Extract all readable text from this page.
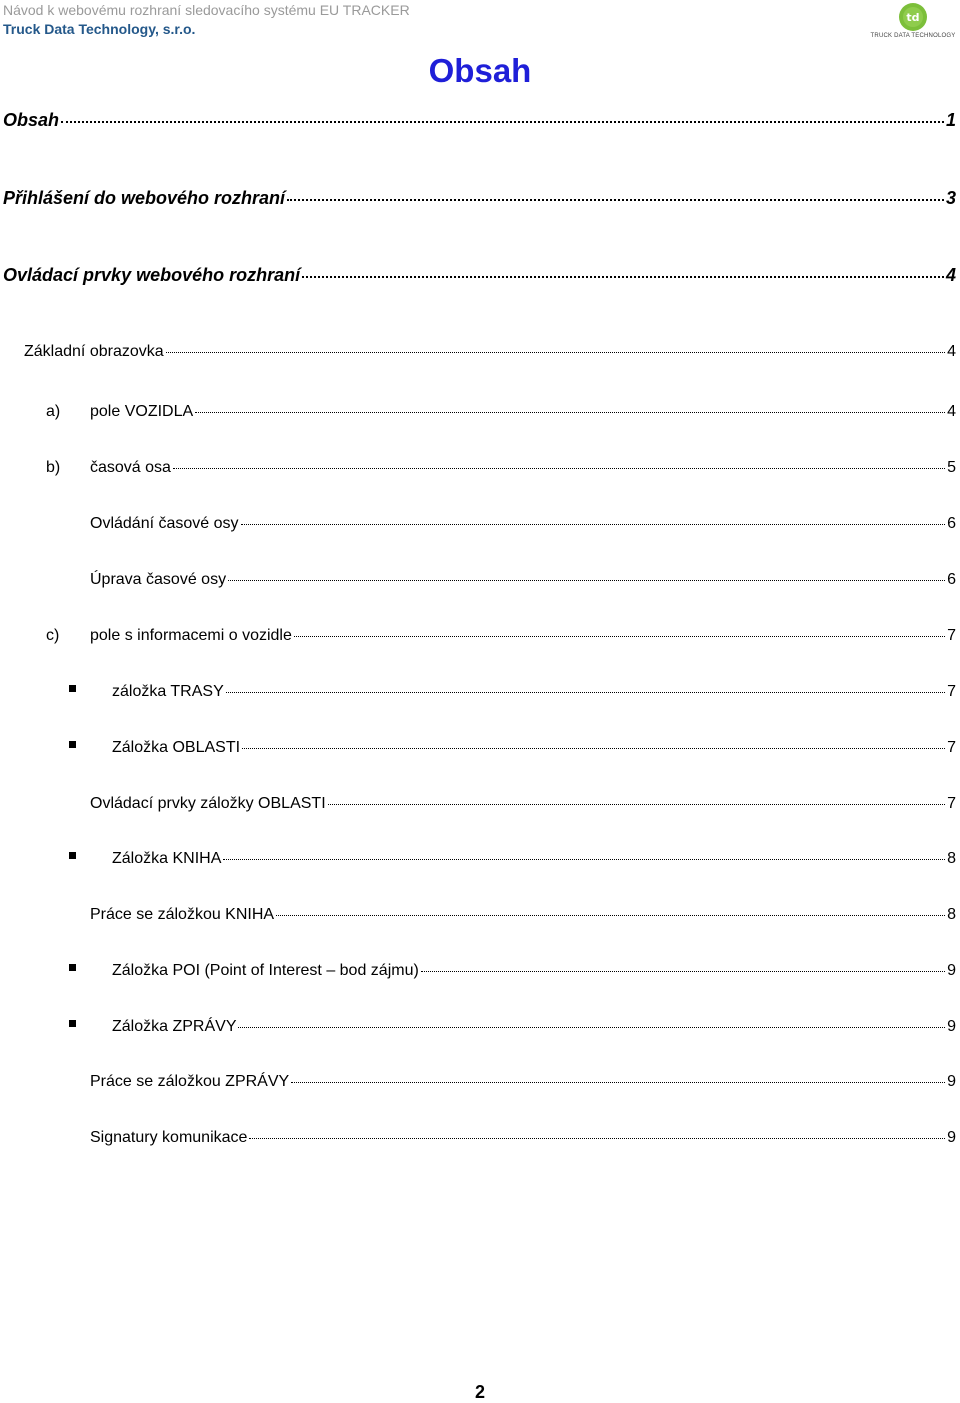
Návod k webovému rozhraní sledovacího systému EU TRACKER
Truck Data Technology, s.r.o.
td
TRUCK DATA TECHNOLOGY
Obsah
Obsah	1
Přihlášení do webového rozhraní	3
Ovládací prvky webového rozhraní	4
Základní obrazovka	4
a)	pole VOZIDLA	4
b)	časová osa	5
Ovládání časové osy	6
Úprava časové osy	6
c)	pole s informacemi o vozidle	7
záložka TRASY	7
Záložka OBLASTI	7
Ovládací prvky záložky OBLASTI	7
Záložka KNIHA	8
Práce se záložkou KNIHA	8
Záložka POI (Point of Interest – bod zájmu)	9
Záložka ZPRÁVY	9
Práce se záložkou ZPRÁVY	9
Signatury komunikace	9
2
